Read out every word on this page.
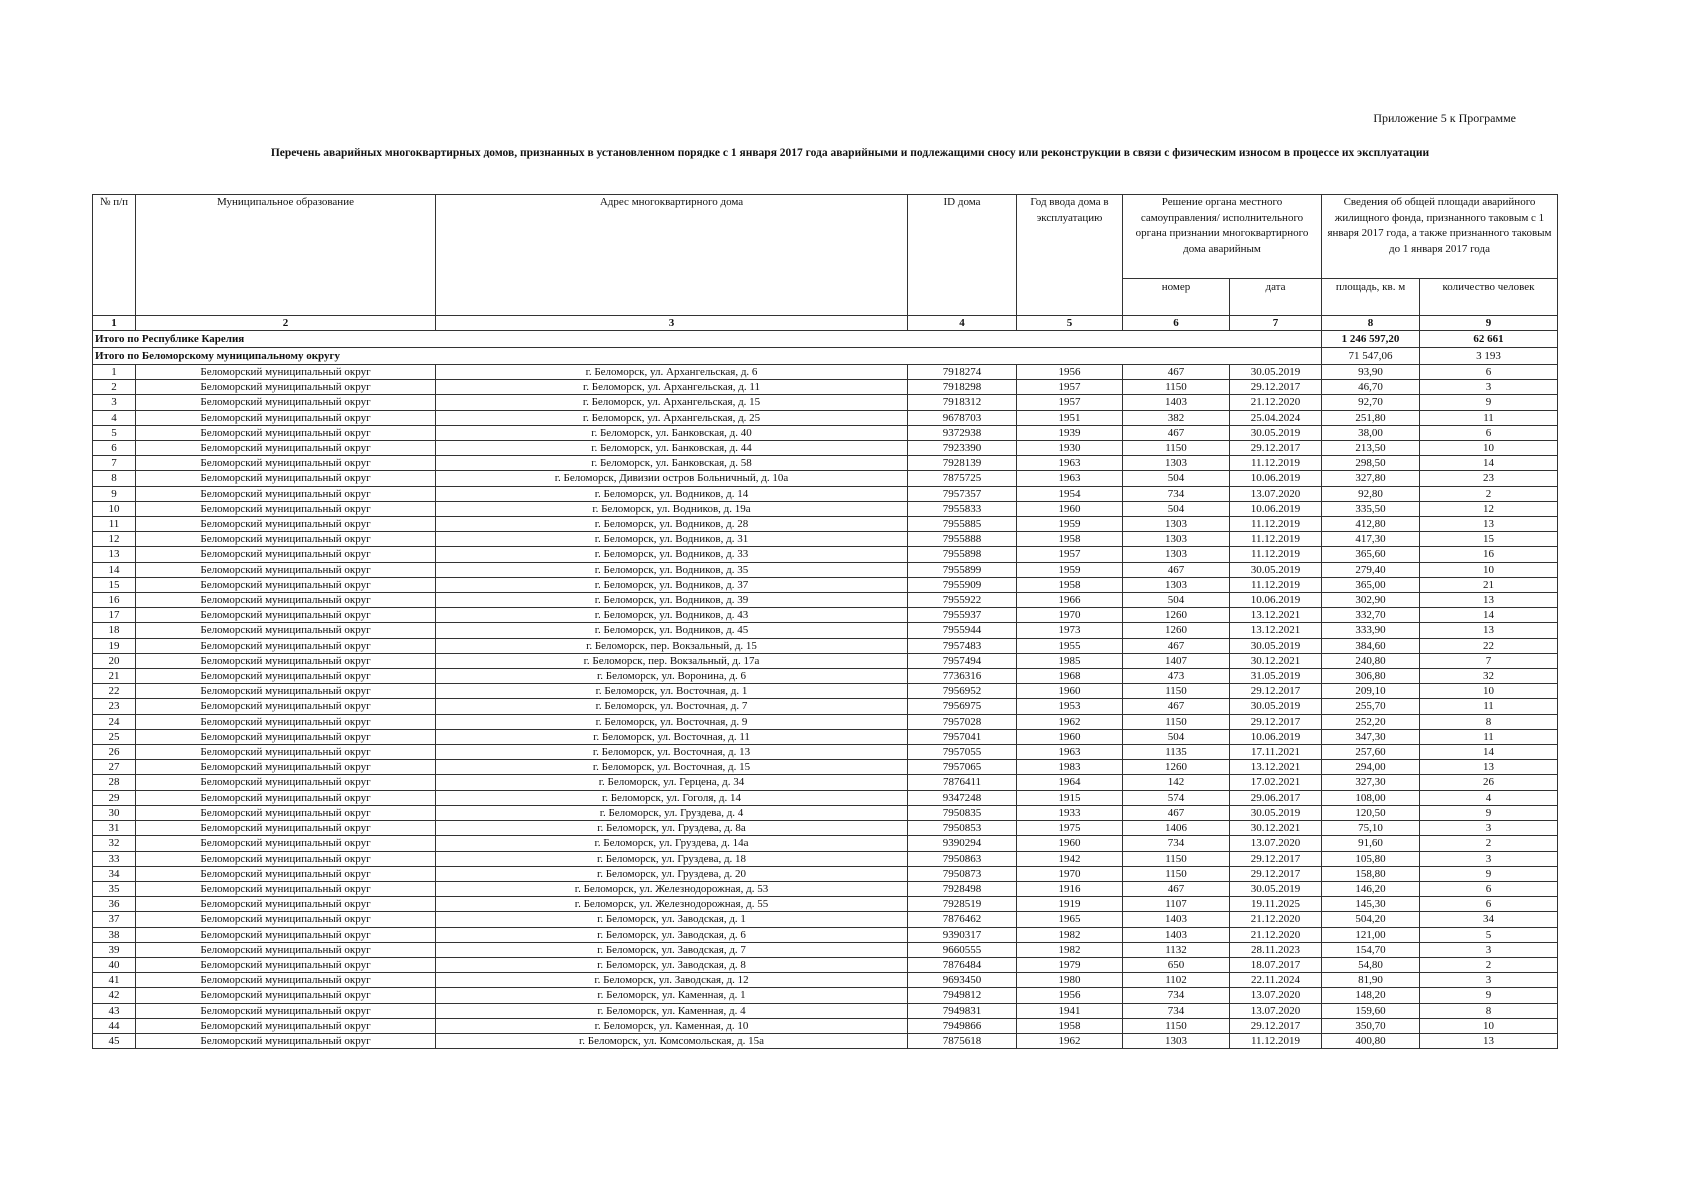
Приложение 5 к Программе
Перечень аварийных многоквартирных домов, признанных в установленном порядке с 1 января 2017 года аварийными и подлежащими сносу или реконструкции в связи с физическим износом в процессе их эксплуатации
№ п/п	Муниципальное образование	Адрес многоквартирного дома	ID дома	Год ввода дома в эксплуатацию	Решение органа местного самоуправления/ исполнительного органа признании многоквартирного дома аварийным		Сведения об общей площади аварийного жилищного фонда, признанного таковым с 1 января 2017 года, а также признанного таковым до 1 января 2017 года	
					номер	дата	площадь, кв. м	количество человек
1	2	3	4	5	6	7	8	9
Итого по Республике Карелия							1 246 597,20	62 661
Итого по Беломорскому муниципальному округу							71 547,06	3 193
1	Беломорский муниципальный округ	г. Беломорск, ул. Архангельская, д. 6	7918274	1956	467	30.05.2019	93,90	6
2	Беломорский муниципальный округ	г. Беломорск, ул. Архангельская, д. 11	7918298	1957	1150	29.12.2017	46,70	3
3	Беломорский муниципальный округ	г. Беломорск, ул. Архангельская, д. 15	7918312	1957	1403	21.12.2020	92,70	9
4	Беломорский муниципальный округ	г. Беломорск, ул. Архангельская, д. 25	9678703	1951	382	25.04.2024	251,80	11
5	Беломорский муниципальный округ	г. Беломорск, ул. Банковская, д. 40	9372938	1939	467	30.05.2019	38,00	6
6	Беломорский муниципальный округ	г. Беломорск, ул. Банковская, д. 44	7923390	1930	1150	29.12.2017	213,50	10
7	Беломорский муниципальный округ	г. Беломорск, ул. Банковская, д. 58	7928139	1963	1303	11.12.2019	298,50	14
8	Беломорский муниципальный округ	г. Беломорск, Дивизии остров Больничный, д. 10а	7875725	1963	504	10.06.2019	327,80	23
9	Беломорский муниципальный округ	г. Беломорск, ул. Водников, д. 14	7957357	1954	734	13.07.2020	92,80	2
10	Беломорский муниципальный округ	г. Беломорск, ул. Водников, д. 19а	7955833	1960	504	10.06.2019	335,50	12
11	Беломорский муниципальный округ	г. Беломорск, ул. Водников, д. 28	7955885	1959	1303	11.12.2019	412,80	13
12	Беломорский муниципальный округ	г. Беломорск, ул. Водников, д. 31	7955888	1958	1303	11.12.2019	417,30	15
13	Беломорский муниципальный округ	г. Беломорск, ул. Водников, д. 33	7955898	1957	1303	11.12.2019	365,60	16
14	Беломорский муниципальный округ	г. Беломорск, ул. Водников, д. 35	7955899	1959	467	30.05.2019	279,40	10
15	Беломорский муниципальный округ	г. Беломорск, ул. Водников, д. 37	7955909	1958	1303	11.12.2019	365,00	21
16	Беломорский муниципальный округ	г. Беломорск, ул. Водников, д. 39	7955922	1966	504	10.06.2019	302,90	13
17	Беломорский муниципальный округ	г. Беломорск, ул. Водников, д. 43	7955937	1970	1260	13.12.2021	332,70	14
18	Беломорский муниципальный округ	г. Беломорск, ул. Водников, д. 45	7955944	1973	1260	13.12.2021	333,90	13
19	Беломорский муниципальный округ	г. Беломорск, пер. Вокзальный, д. 15	7957483	1955	467	30.05.2019	384,60	22
20	Беломорский муниципальный округ	г. Беломорск, пер. Вокзальный, д. 17а	7957494	1985	1407	30.12.2021	240,80	7
21	Беломорский муниципальный округ	г. Беломорск, ул. Воронина, д. 6	7736316	1968	473	31.05.2019	306,80	32
22	Беломорский муниципальный округ	г. Беломорск, ул. Восточная, д. 1	7956952	1960	1150	29.12.2017	209,10	10
23	Беломорский муниципальный округ	г. Беломорск, ул. Восточная, д. 7	7956975	1953	467	30.05.2019	255,70	11
24	Беломорский муниципальный округ	г. Беломорск, ул. Восточная, д. 9	7957028	1962	1150	29.12.2017	252,20	8
25	Беломорский муниципальный округ	г. Беломорск, ул. Восточная, д. 11	7957041	1960	504	10.06.2019	347,30	11
26	Беломорский муниципальный округ	г. Беломорск, ул. Восточная, д. 13	7957055	1963	1135	17.11.2021	257,60	14
27	Беломорский муниципальный округ	г. Беломорск, ул. Восточная, д. 15	7957065	1983	1260	13.12.2021	294,00	13
28	Беломорский муниципальный округ	г. Беломорск, ул. Герцена, д. 34	7876411	1964	142	17.02.2021	327,30	26
29	Беломорский муниципальный округ	г. Беломорск, ул. Гоголя, д. 14	9347248	1915	574	29.06.2017	108,00	4
30	Беломорский муниципальный округ	г. Беломорск, ул. Груздева, д. 4	7950835	1933	467	30.05.2019	120,50	9
31	Беломорский муниципальный округ	г. Беломорск, ул. Груздева, д. 8а	7950853	1975	1406	30.12.2021	75,10	3
32	Беломорский муниципальный округ	г. Беломорск, ул. Груздева, д. 14а	9390294	1960	734	13.07.2020	91,60	2
33	Беломорский муниципальный округ	г. Беломорск, ул. Груздева, д. 18	7950863	1942	1150	29.12.2017	105,80	3
34	Беломорский муниципальный округ	г. Беломорск, ул. Груздева, д. 20	7950873	1970	1150	29.12.2017	158,80	9
35	Беломорский муниципальный округ	г. Беломорск, ул. Железнодорожная, д. 53	7928498	1916	467	30.05.2019	146,20	6
36	Беломорский муниципальный округ	г. Беломорск, ул. Железнодорожная, д. 55	7928519	1919	1107	19.11.2025	145,30	6
37	Беломорский муниципальный округ	г. Беломорск, ул. Заводская, д. 1	7876462	1965	1403	21.12.2020	504,20	34
38	Беломорский муниципальный округ	г. Беломорск, ул. Заводская, д. 6	9390317	1982	1403	21.12.2020	121,00	5
39	Беломорский муниципальный округ	г. Беломорск, ул. Заводская, д. 7	9660555	1982	1132	28.11.2023	154,70	3
40	Беломорский муниципальный округ	г. Беломорск, ул. Заводская, д. 8	7876484	1979	650	18.07.2017	54,80	2
41	Беломорский муниципальный округ	г. Беломорск, ул. Заводская, д. 12	9693450	1980	1102	22.11.2024	81,90	3
42	Беломорский муниципальный округ	г. Беломорск, ул. Каменная, д. 1	7949812	1956	734	13.07.2020	148,20	9
43	Беломорский муниципальный округ	г. Беломорск, ул. Каменная, д. 4	7949831	1941	734	13.07.2020	159,60	8
44	Беломорский муниципальный округ	г. Беломорск, ул. Каменная, д. 10	7949866	1958	1150	29.12.2017	350,70	10
45	Беломорский муниципальный округ	г. Беломорск, ул. Комсомольская, д. 15а	7875618	1962	1303	11.12.2019	400,80	13
